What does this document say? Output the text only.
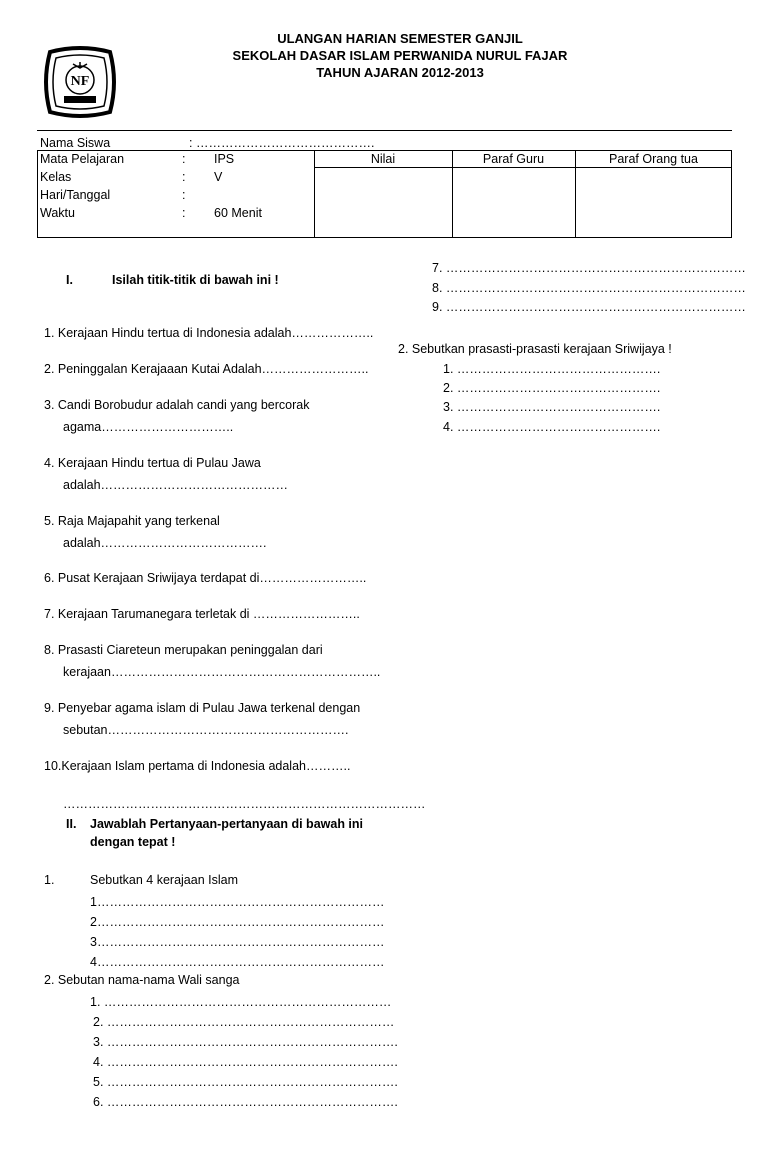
NF
ULANGAN HARIAN SEMESTER GANJIL
SEKOLAH DASAR ISLAM PERWANIDA NURUL FAJAR
TAHUN AJARAN 2012-2013
Nama Siswa	: …………………………………….
Nilai	Paraf Guru	Paraf Orang tua
Mata Pelajaran	: IPS
Kelas	: V
Hari/Tanggal	:
Waktu	: 60 Menit
I.	Isilah titik-titik di bawah ini !
1. Kerajaan Hindu tertua di Indonesia adalah………………..
2. Peninggalan Kerajaaan Kutai Adalah……………………..
3. Candi Borobudur adalah candi yang bercorak
agama…………………………..
4. Kerajaan Hindu tertua di Pulau Jawa
adalah………………………………………
5. Raja Majapahit yang terkenal
adalah………………………………….
6. Pusat Kerajaan Sriwijaya terdapat di……………………..
7. Kerajaan Tarumanegara terletak di ……………………..
8. Prasasti Ciareteun merupakan peninggalan dari
kerajaan………………………………………………………..
9. Penyebar agama islam di Pulau Jawa terkenal dengan
sebutan………………………………………………….
10.Kerajaan Islam pertama di Indonesia adalah………..
……………………………………………………………………………
II. Jawablah Pertanyaan-pertanyaan di bawah ini
dengan tepat !
1.	Sebutkan 4 kerajaan Islam
1……………………………………………………………
2……………………………………………………………
3……………………………………………………………
4……………………………………………………………
2. Sebutan nama-nama Wali sanga
1. ……………………………………………………………
2. ……………………………………………………………
3. …………………………………………………………….
4. …………………………………………………………….
5. …………………………………………………………….
6. …………………………………………………………….
7. ………………………………………………………………
8. ………………………………………………………………
9. ………………………………………………………………
2. Sebutkan prasasti-prasasti kerajaan Sriwijaya !
1. ………………………………………….
2. ………………………………………….
3. ………………………………………….
4. ………………………………………….
